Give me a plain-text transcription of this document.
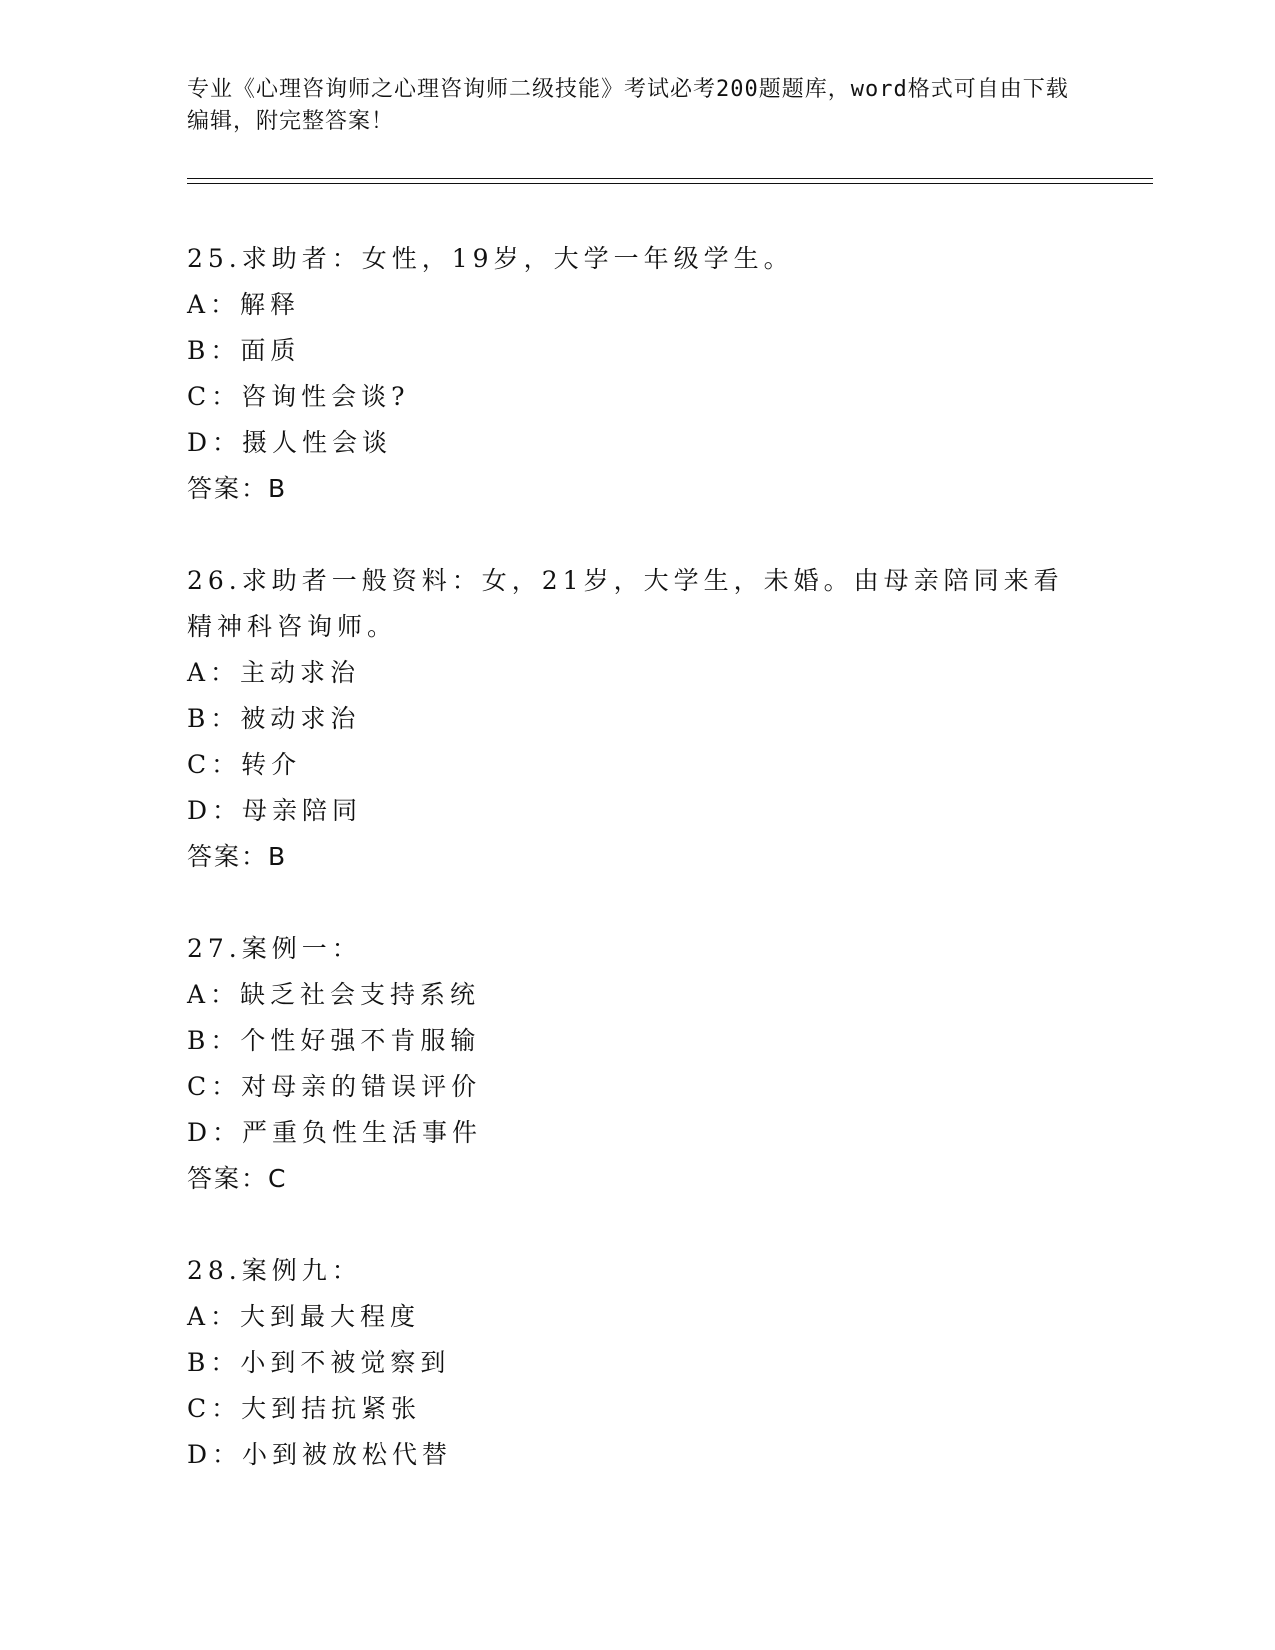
专业《心理咨询师之心理咨询师二级技能》考试必考200题题库，word格式可自由下载编辑，附完整答案！
25.求助者：女性，19岁，大学一年级学生。
A：解释
B：面质
C：咨询性会谈?
D：摄人性会谈
答案：B
26.求助者一般资料：女，21岁，大学生，未婚。由母亲陪同来看精神科咨询师。
A：主动求治
B：被动求治
C：转介
D：母亲陪同
答案：B
27.案例一：
A：缺乏社会支持系统
B：个性好强不肯服输
C：对母亲的错误评价
D：严重负性生活事件
答案：C
28.案例九：
A：大到最大程度
B：小到不被觉察到
C：大到拮抗紧张
D：小到被放松代替
